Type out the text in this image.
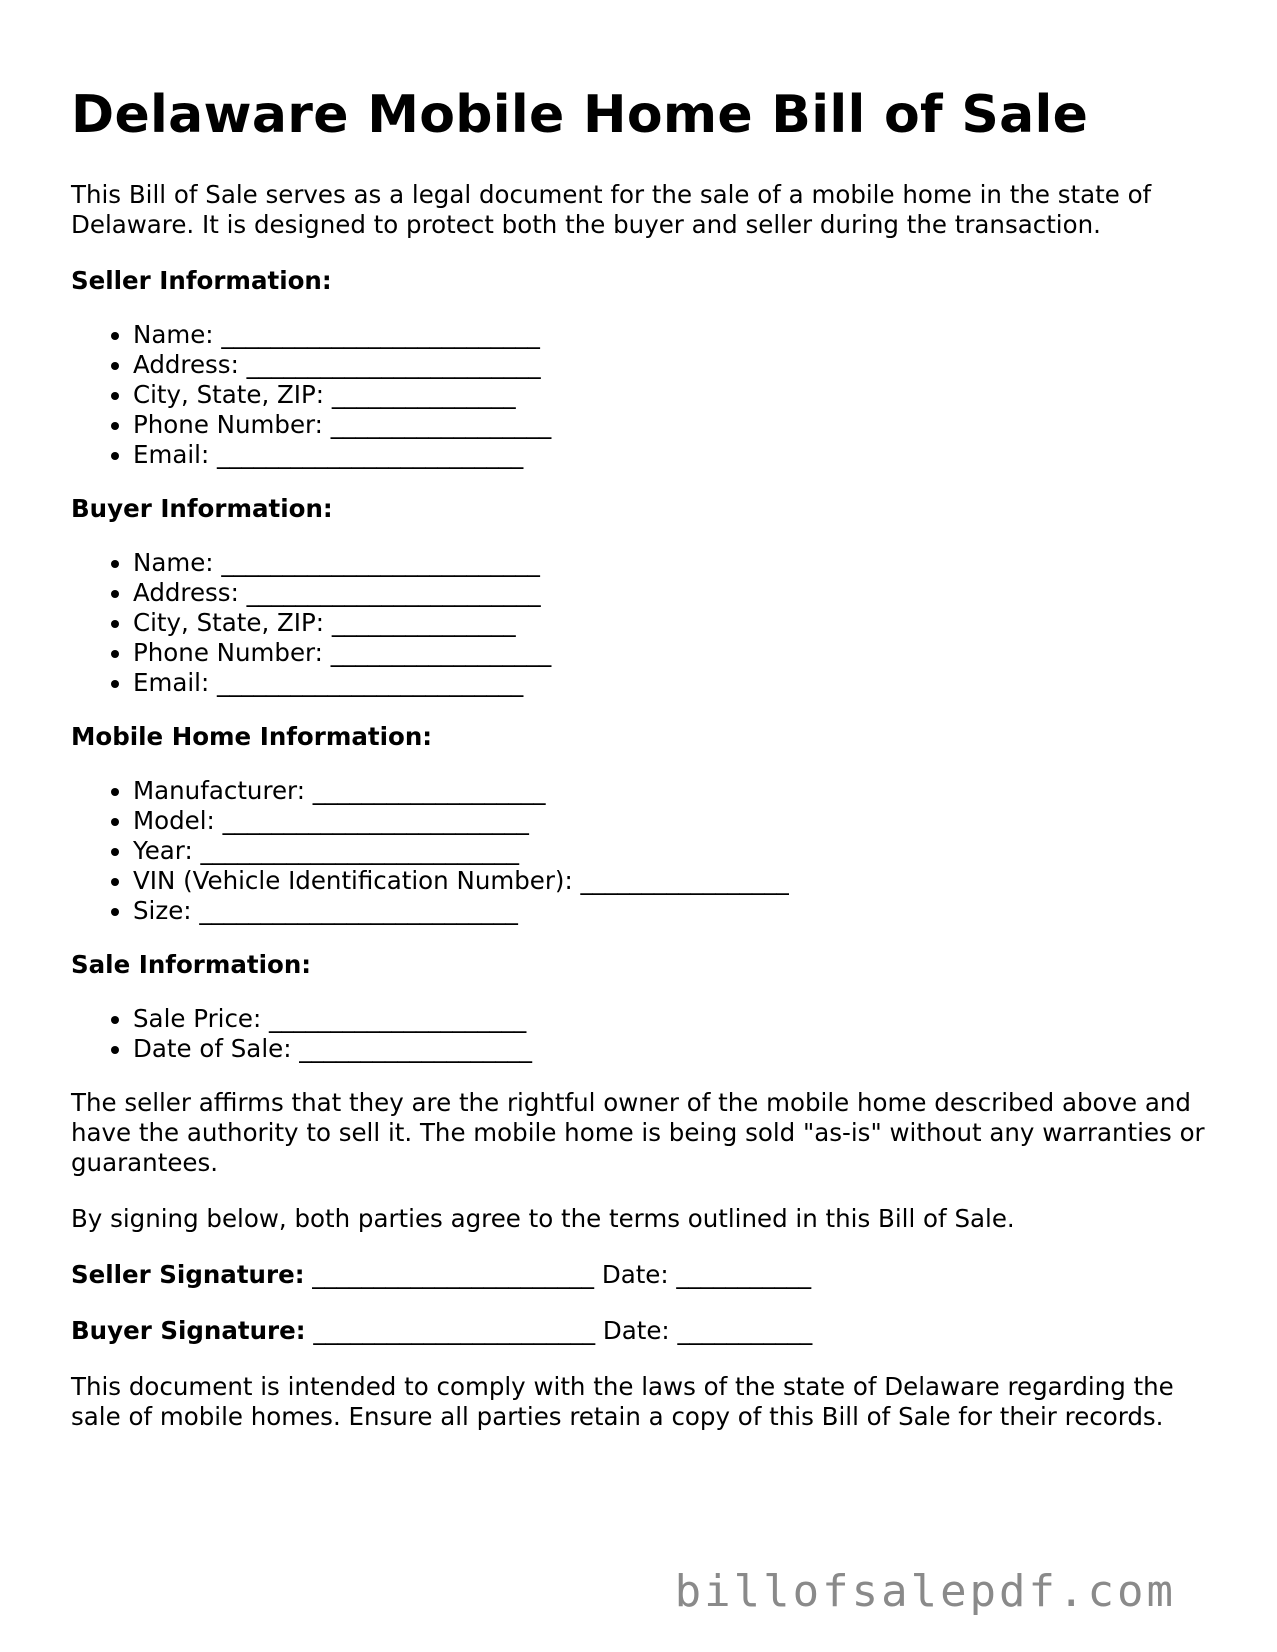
Delaware Mobile Home Bill of Sale

This Bill of Sale serves as a legal document for the sale of a mobile home in the state of Delaware. It is designed to protect both the buyer and seller during the transaction.

Seller Information:
• Name: __________________________
• Address: ________________________
• City, State, ZIP: _______________
• Phone Number: __________________
• Email: _________________________
Buyer Information:
• Name: __________________________
• Address: ________________________
• City, State, ZIP: _______________
• Phone Number: __________________
• Email: _________________________
Mobile Home Information:
• Manufacturer: ___________________
• Model: _________________________
• Year: __________________________
• VIN (Vehicle Identification Number): _________________
• Size: __________________________
Sale Information:
• Sale Price: _____________________
• Date of Sale: ___________________

The seller affirms that they are the rightful owner of the mobile home described above and have the authority to sell it. The mobile home is being sold "as-is" without any warranties or guarantees.

By signing below, both parties agree to the terms outlined in this Bill of Sale.

Seller Signature: _______________________ Date: ___________
Buyer Signature: _______________________ Date: ___________

This document is intended to comply with the laws of the state of Delaware regarding the sale of mobile homes. Ensure all parties retain a copy of this Bill of Sale for their records.

billofsalepdf.com
